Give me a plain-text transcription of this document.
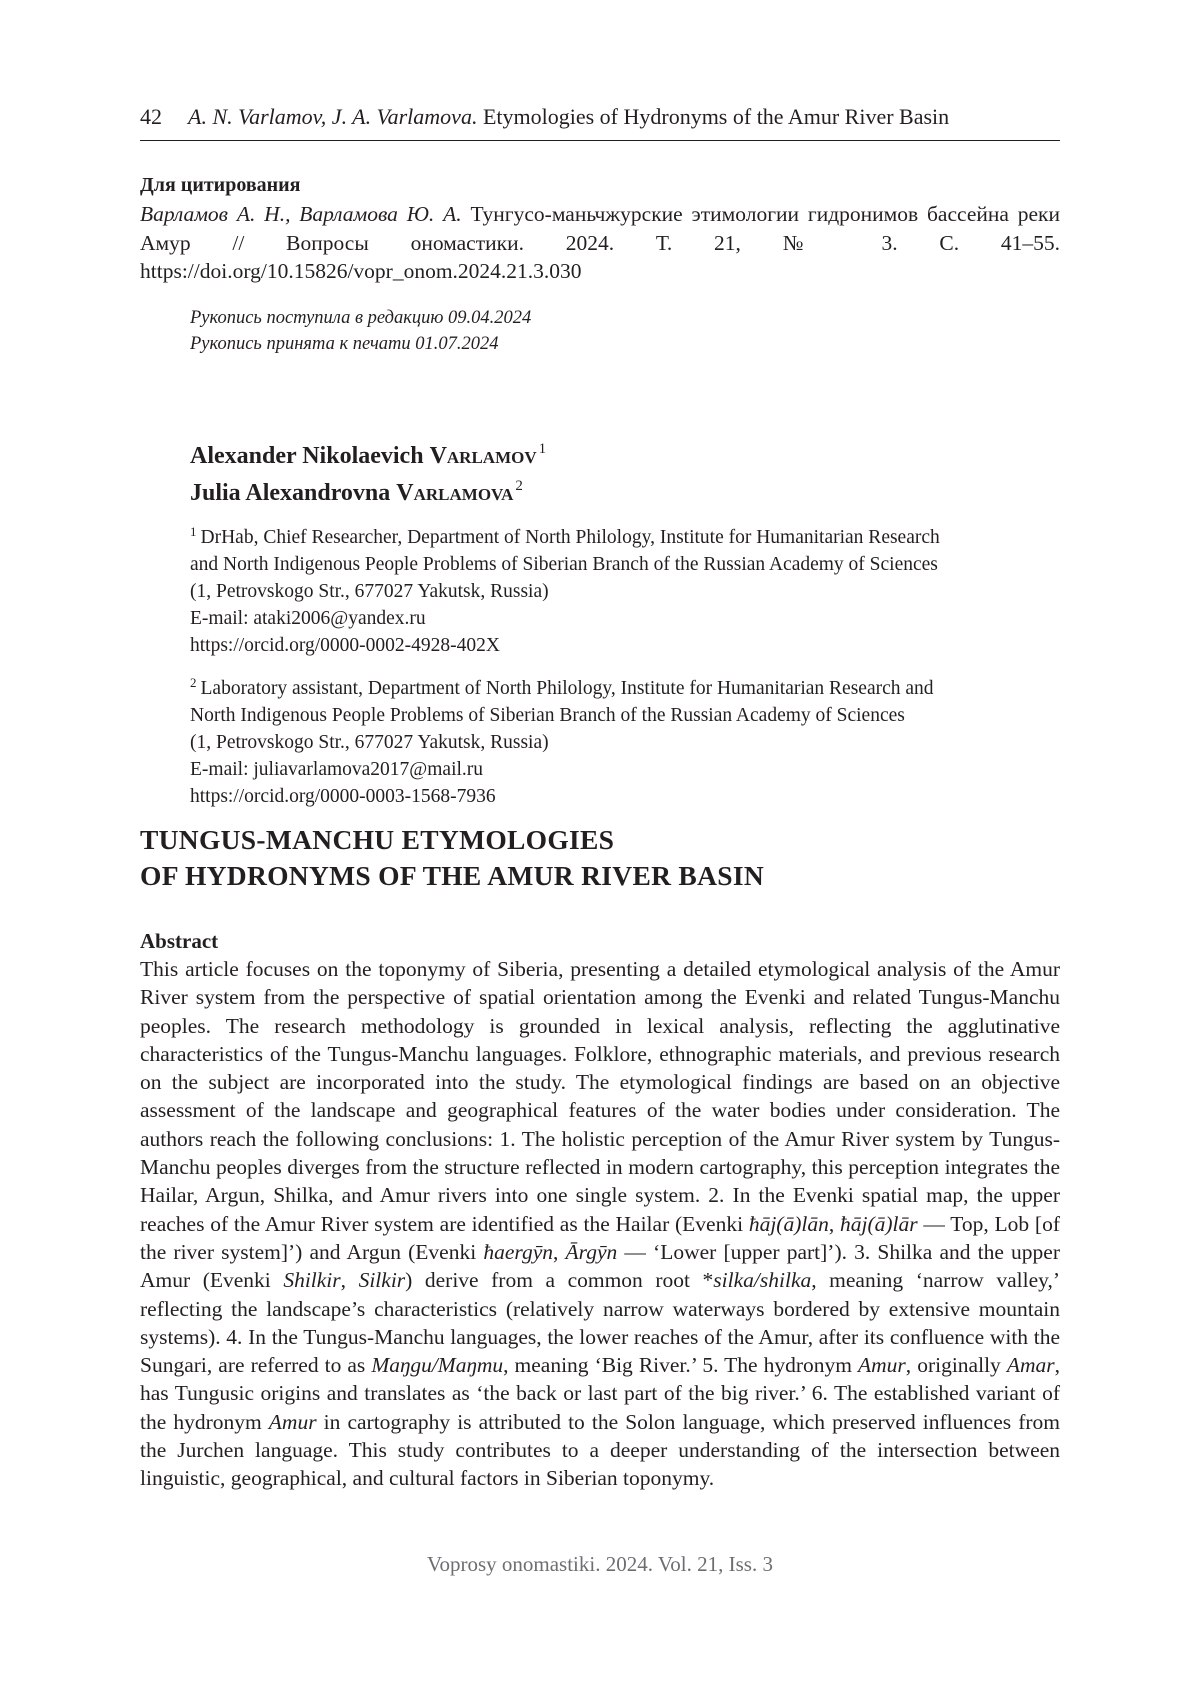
42 A. N. Varlamov, J. A. Varlamova. Etymologies of Hydronyms of the Amur River Basin
Для цитирования
Варламов А. Н., Варламова Ю. А. Тунгусо-маньчжурские этимологии гидронимов бассейна реки Амур // Вопросы ономастики. 2024. Т. 21, № 3. С. 41–55. https://doi.org/10.15826/vopr_onom.2024.21.3.030
Рукопись поступила в редакцию 09.04.2024
Рукопись принята к печати 01.07.2024
Alexander Nikolaevich Varlamov $^1$
Julia Alexandrovna Varlamova $^2$
$^1$ DrHab, Chief Researcher, Department of North Philology, Institute for Humanitarian Research
and North Indigenous People Problems of Siberian Branch of the Russian Academy of Sciences
(1, Petrovskogo Str., 677027 Yakutsk, Russia)
E-mail: ataki2006@yandex.ru
https://orcid.org/0000-0002-4928-402X
$^2$ Laboratory assistant, Department of North Philology, Institute for Humanitarian Research and
North Indigenous People Problems of Siberian Branch of the Russian Academy of Sciences
(1, Petrovskogo Str., 677027 Yakutsk, Russia)
E-mail: juliavarlamova2017@mail.ru
https://orcid.org/0000-0003-1568-7936
TUNGUS-MANCHU ETYMOLOGIES
OF HYDRONYMS OF THE AMUR RIVER BASIN
Abstract

This article focuses on the toponymy of Siberia, presenting a detailed etymological analysis of the Amur River system from the perspective of spatial orientation among the Evenki and related Tungus-Manchu peoples. The research methodology is grounded in lexical analysis, reflecting the agglutinative characteristics of the Tungus-Manchu languages. Folklore, ethnographic materials, and previous research on the subject are incorporated into the study. The etymological findings are based on an objective assessment of the landscape and geographical features of the water bodies under consideration. The authors reach the following conclusions: 1. The holistic perception of the Amur River system by Tungus-Manchu peoples diverges from the structure reflected in modern cartography, this perception integrates the Hailar, Argun, Shilka, and Amur rivers into one single system. 2. In the Evenki spatial map, the upper reaches of the Amur River system are identified as the Hailar (Evenki ħāj(ā)lān, ħāj(ā)lār — Top, Lob [of the river system]’) and Argun (Evenki ħaergȳn, Ārgȳn — ‘Lower [upper part]’). 3. Shilka and the upper Amur (Evenki Shilkir, Silkir) derive from a common root *silka/shilka, meaning ‘narrow valley,’ reflecting the landscape’s characteristics (relatively narrow waterways bordered by extensive mountain systems). 4. In the Tungus-Manchu languages, the lower reaches of the Amur, after its confluence with the Sungari, are referred to as Maŋgu/Maŋmu, meaning ‘Big River.’ 5. The hydronym Amur, originally Amar, has Tungusic origins and translates as ‘the back or last part of the big river.’ 6. The established variant of the hydronym Amur in cartography is attributed to the Solon language, which preserved influences from the Jurchen language. This study contributes to a deeper understanding of the intersection between linguistic, geographical, and cultural factors in Siberian toponymy.

Voprosy onomastiki. 2024. Vol. 21, Iss. 3
